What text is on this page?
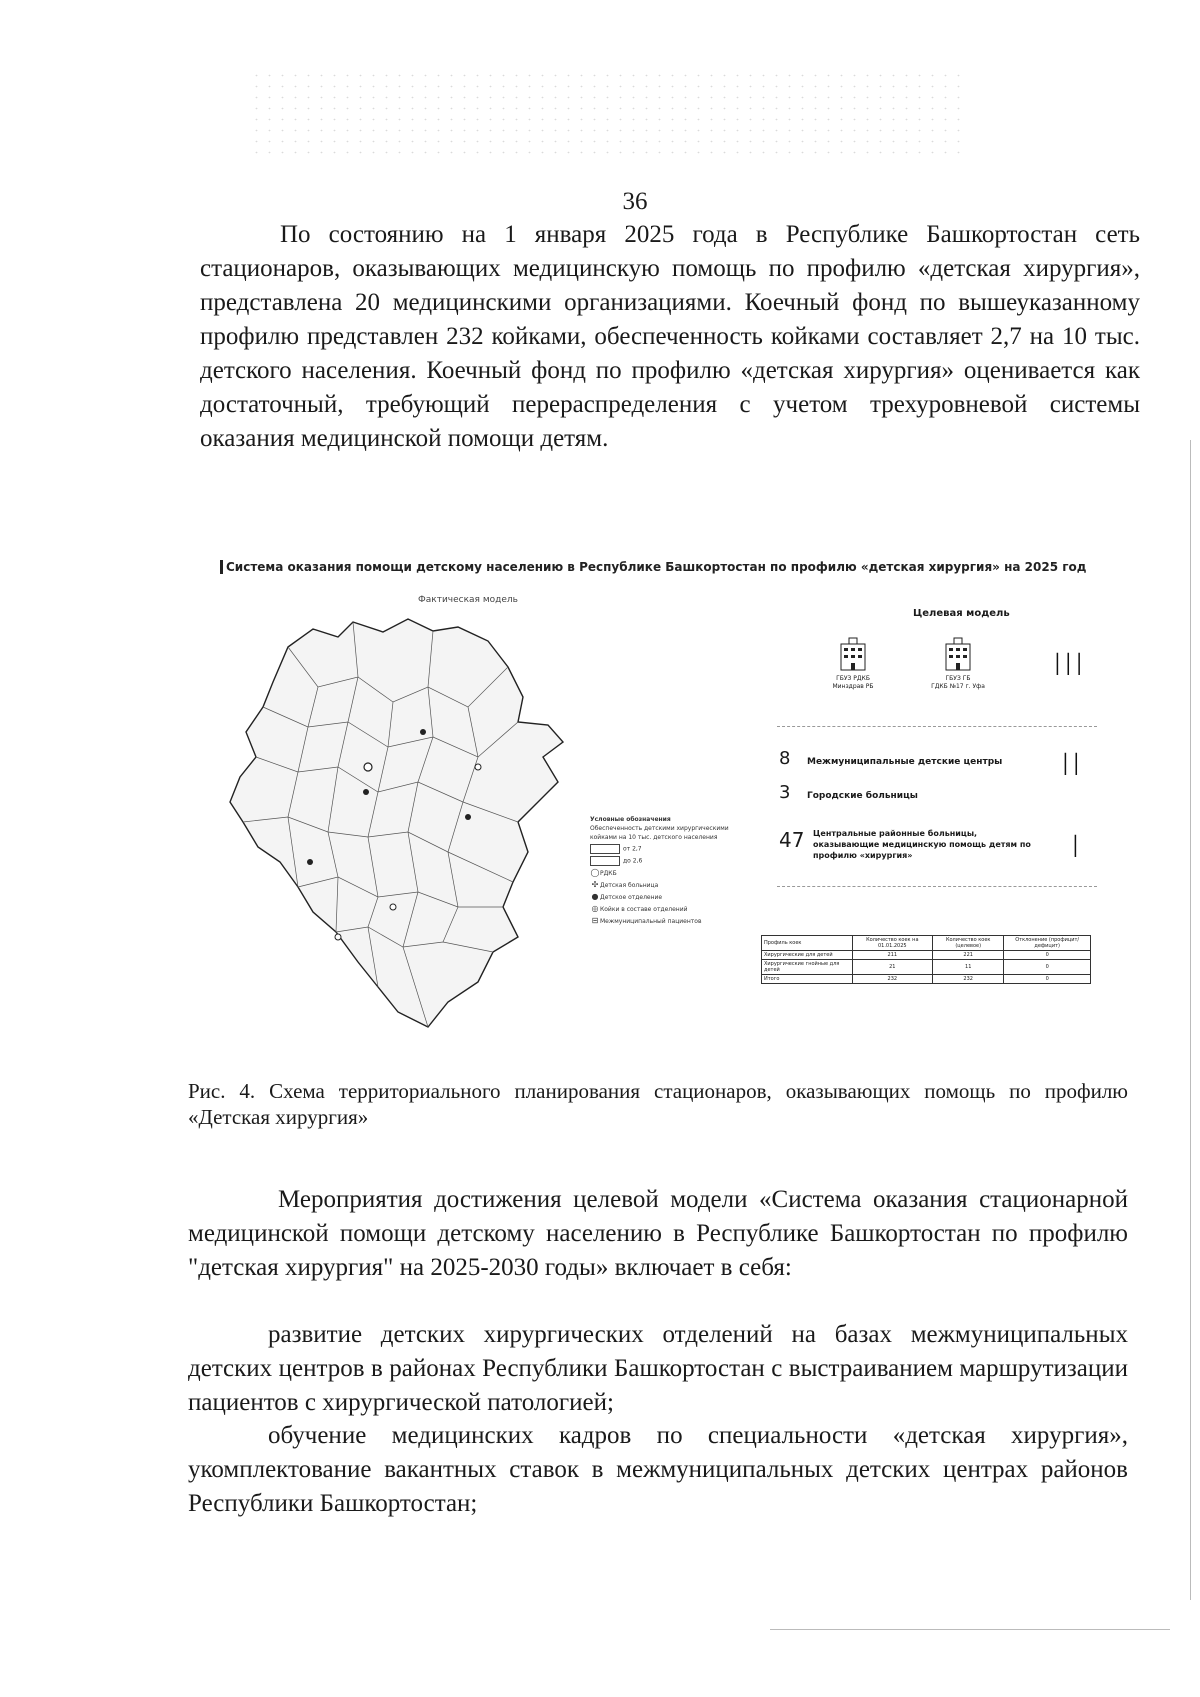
36

По состоянию на 1 января 2025 года в Республике Башкортостан сеть стационаров, оказывающих медицинскую помощь по профилю «детская хирургия», представлена 20 медицинскими организациями. Коечный фонд по вышеуказанному профилю представлен 232 койками, обеспеченность койками составляет 2,7 на 10 тыс. детского населения. Коечный фонд по профилю «детская хирургия» оценивается как достаточный, требующий перераспределения с учетом трехуровневой системы оказания медицинской помощи детям.

Система оказания помощи детскому населению в Республике Башкортостан по профилю «детская хирургия» на 2025 год
Фактическая модель
Условные обозначения
Обеспеченность детскими хирургическими койками на 10 тыс. детского населения
от 2,7
до 2,6
◯РДКБ
✣ Детская больница
● Детское отделение
◎ Койки в составе отделений
⊟ Межмуниципальный пациентов
Целевая модель
ГБУЗ РДКБ
Минздрав РБ
ГБУЗ ГБ
ГДКБ №17 г. Уфа
III
8 Межмуниципальные детские центры
3 Городские больницы
II
47	Центральные районные больницы, оказывающие медицинскую помощь детям по профилю «хирургия»	I
Профиль коек	Количество коек на 01.01.2025	Количество коек (целевое)	Отклонение (профицит/дефицит)
Хирургические для детей	211	221	0
Хирургические гнойные для детей	21	11	0
Итого	232	232	0

Рис. 4. Схема территориального планирования стационаров, оказывающих помощь по профилю «Детская хирургия»

Мероприятия достижения целевой модели «Система оказания стационарной медицинской помощи детскому населению в Республике Башкортостан по профилю "детская хирургия" на 2025-2030 годы» включает в себя:

развитие детских хирургических отделений на базах межмуниципальных детских центров в районах Республики Башкортостан с выстраиванием маршрутизации пациентов с хирургической патологией;

обучение медицинских кадров по специальности «детская хирургия», укомплектование вакантных ставок в межмуниципальных детских центрах районов Республики Башкортостан;
